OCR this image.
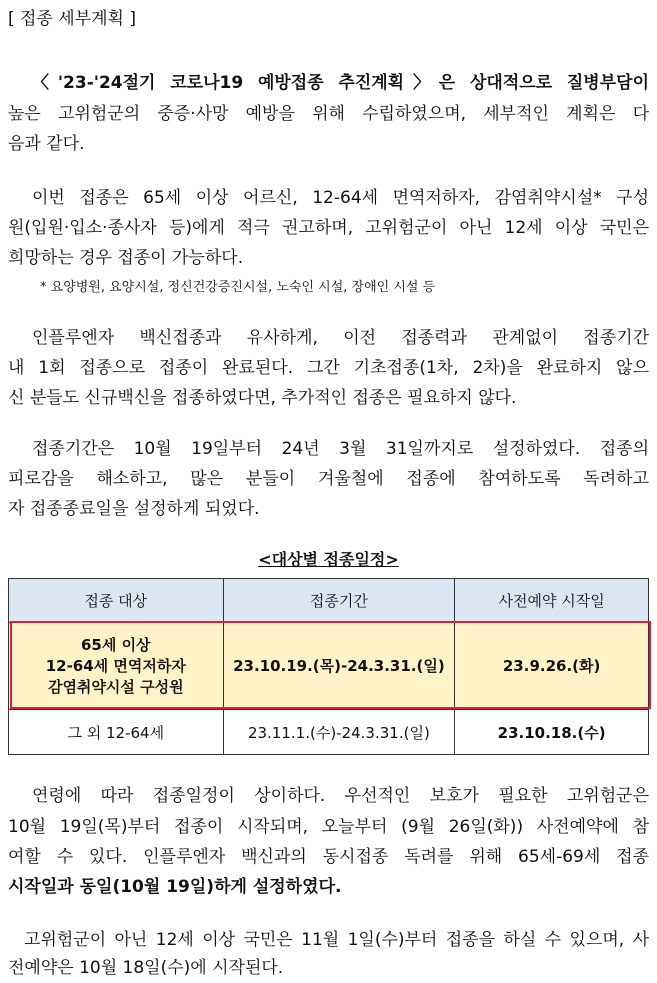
[ 접종 세부계획 ]
〈'23-'24절기 코로나19 예방접종 추진계획〉은 상대적으로 질병부담이
높은 고위험군의 중증·사망 예방을 위해 수립하였으며, 세부적인 계획은 다
음과 같다.
이번 접종은 65세 이상 어르신, 12-64세 면역저하자, 감염취약시설* 구성
원(입원·입소·종사자 등)에게 적극 권고하며, 고위험군이 아닌 12세 이상 국민은
희망하는 경우 접종이 가능하다.
* 요양병원, 요양시설, 정신건강증진시설, 노숙인 시설, 장애인 시설 등
인플루엔자 백신접종과 유사하게, 이전 접종력과 관계없이 접종기간
내 1회 접종으로 접종이 완료된다. 그간 기초접종(1차, 2차)을 완료하지 않으
신 분들도 신규백신을 접종하였다면, 추가적인 접종은 필요하지 않다.
접종기간은 10월 19일부터 24년 3월 31일까지로 설정하였다. 접종의
피로감을 해소하고, 많은 분들이 겨울철에 접종에 참여하도록 독려하고
자 접종종료일을 설정하게 되었다.
<대상별 접종일정>
접종 대상	접종기간	사전예약 시작일

65세 이상
12-64세 면역저하자
감염취약시설 구성원	23.10.19.(목)-24.3.31.(일)	23.9.26.(화)
그 외 12-64세	23.11.1.(수)-24.3.31.(일)	23.10.18.(수)
연령에 따라 접종일정이 상이하다. 우선적인 보호가 필요한 고위험군은
10월 19일(목)부터 접종이 시작되며, 오늘부터 (9월 26일(화)) 사전예약에 참
여할 수 있다. 인플루엔자 백신과의 동시접종 독려를 위해 65세-69세 접종
시작일과 동일(10월 19일)하게 설정하였다.
고위험군이 아닌 12세 이상 국민은 11월 1일(수)부터 접종을 하실 수 있으며, 사
전예약은 10월 18일(수)에 시작된다.
